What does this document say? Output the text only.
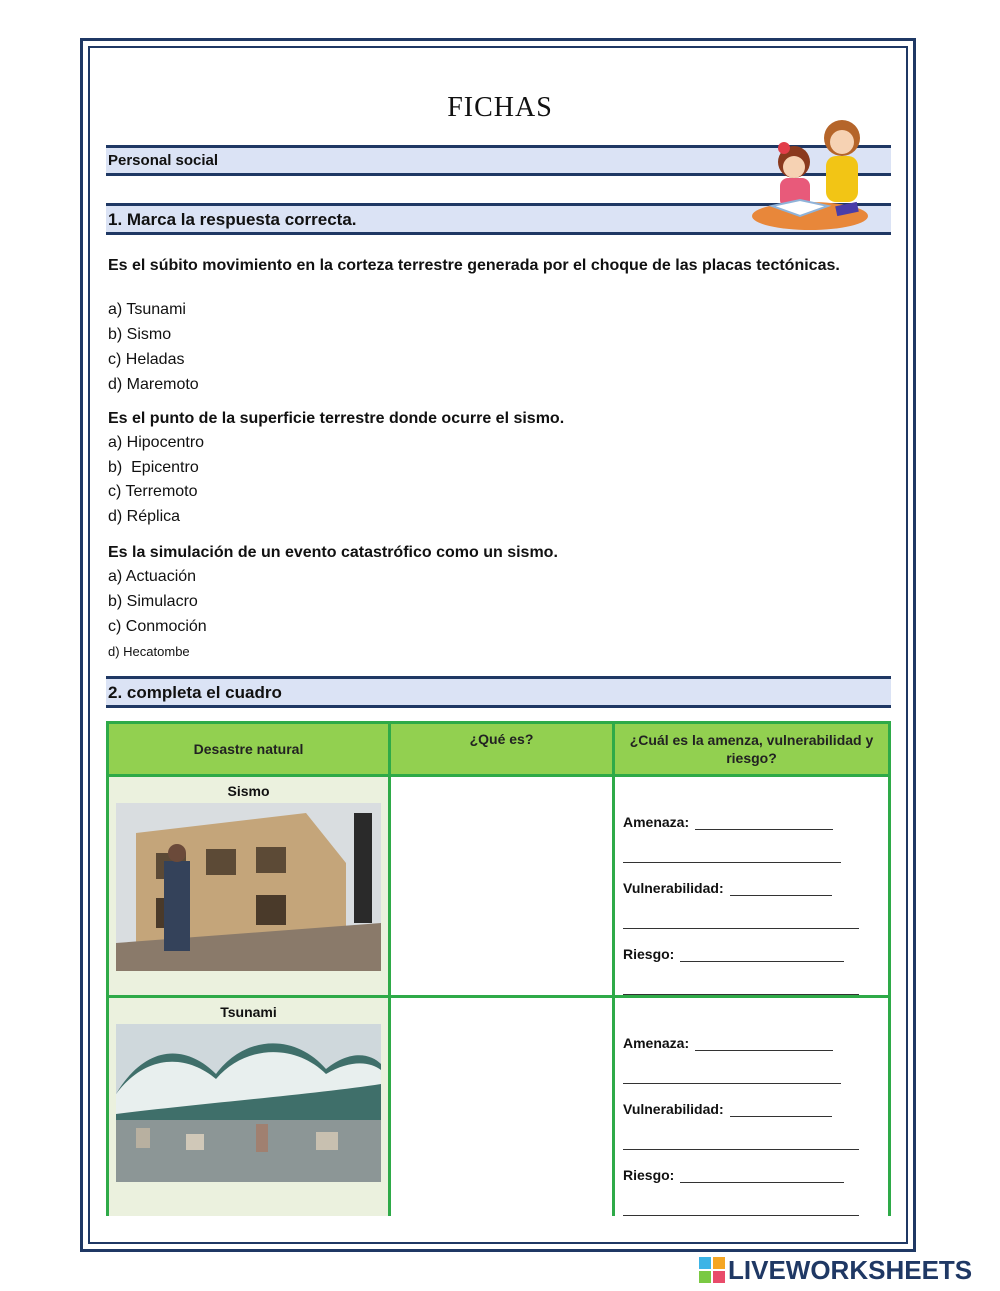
FICHAS
Personal social
1. Marca la respuesta correcta.
Es el súbito movimiento en la corteza terrestre generada por el choque de las placas tectónicas.
a) Tsunami
b) Sismo
c) Heladas
d) Maremoto
Es el punto de la superficie terrestre donde ocurre el sismo.
a) Hipocentro
b)  Epicentro
c) Terremoto
d) Réplica
Es la simulación de un evento catastrófico como un sismo.
a) Actuación
b) Simulacro
c) Conmoción
d) Hecatombe
2. completa el cuadro
Desastre natural	¿Qué es?	¿Cuál es la amenza, vulnerabilidad y riesgo?

Sismo		Amenaza:
Vulnerabilidad:
Riesgo:

Tsunami		Amenaza:
Vulnerabilidad:
Riesgo:
LIVEWORKSHEETS
